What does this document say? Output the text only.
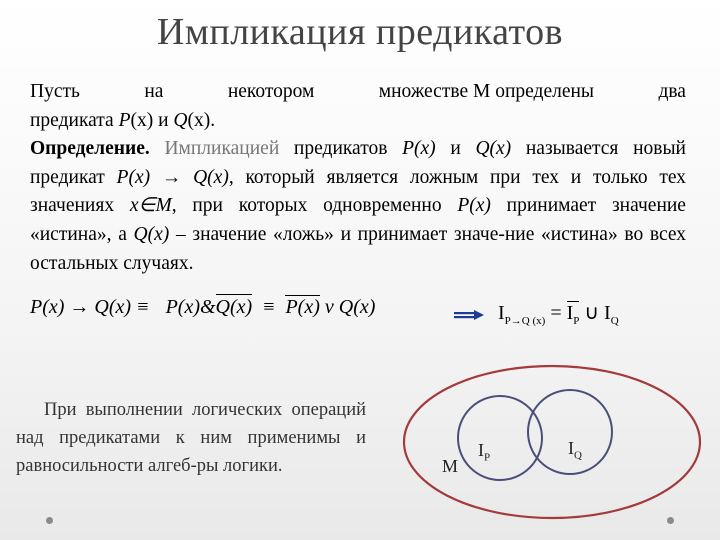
Импликация предикатов
Пусть	на	некотором	множестве М определены	два

предиката P(x) и Q(x).

Определение. Импликацией предикатов P(x) и Q(x) называется новый предикат P(x) → Q(x), который является ложным при тех и только тех значениях x∈M, при которых одновременно P(x) принимает значение «истина», а Q(x) – значение «ложь» и принимает значе-ние «истина» во всех остальных случаях.

P(x) → Q(x) ≡ P(x)&Q(x) ≡ P(x) v Q(x)	$I_{P\to Q (x)} = I_P$ ∪ $I_Q$

При выполнении логических операций над предикатами к ним применимы и равносильности алгеб-ры логики.	M
$I_P$	$I_Q$
